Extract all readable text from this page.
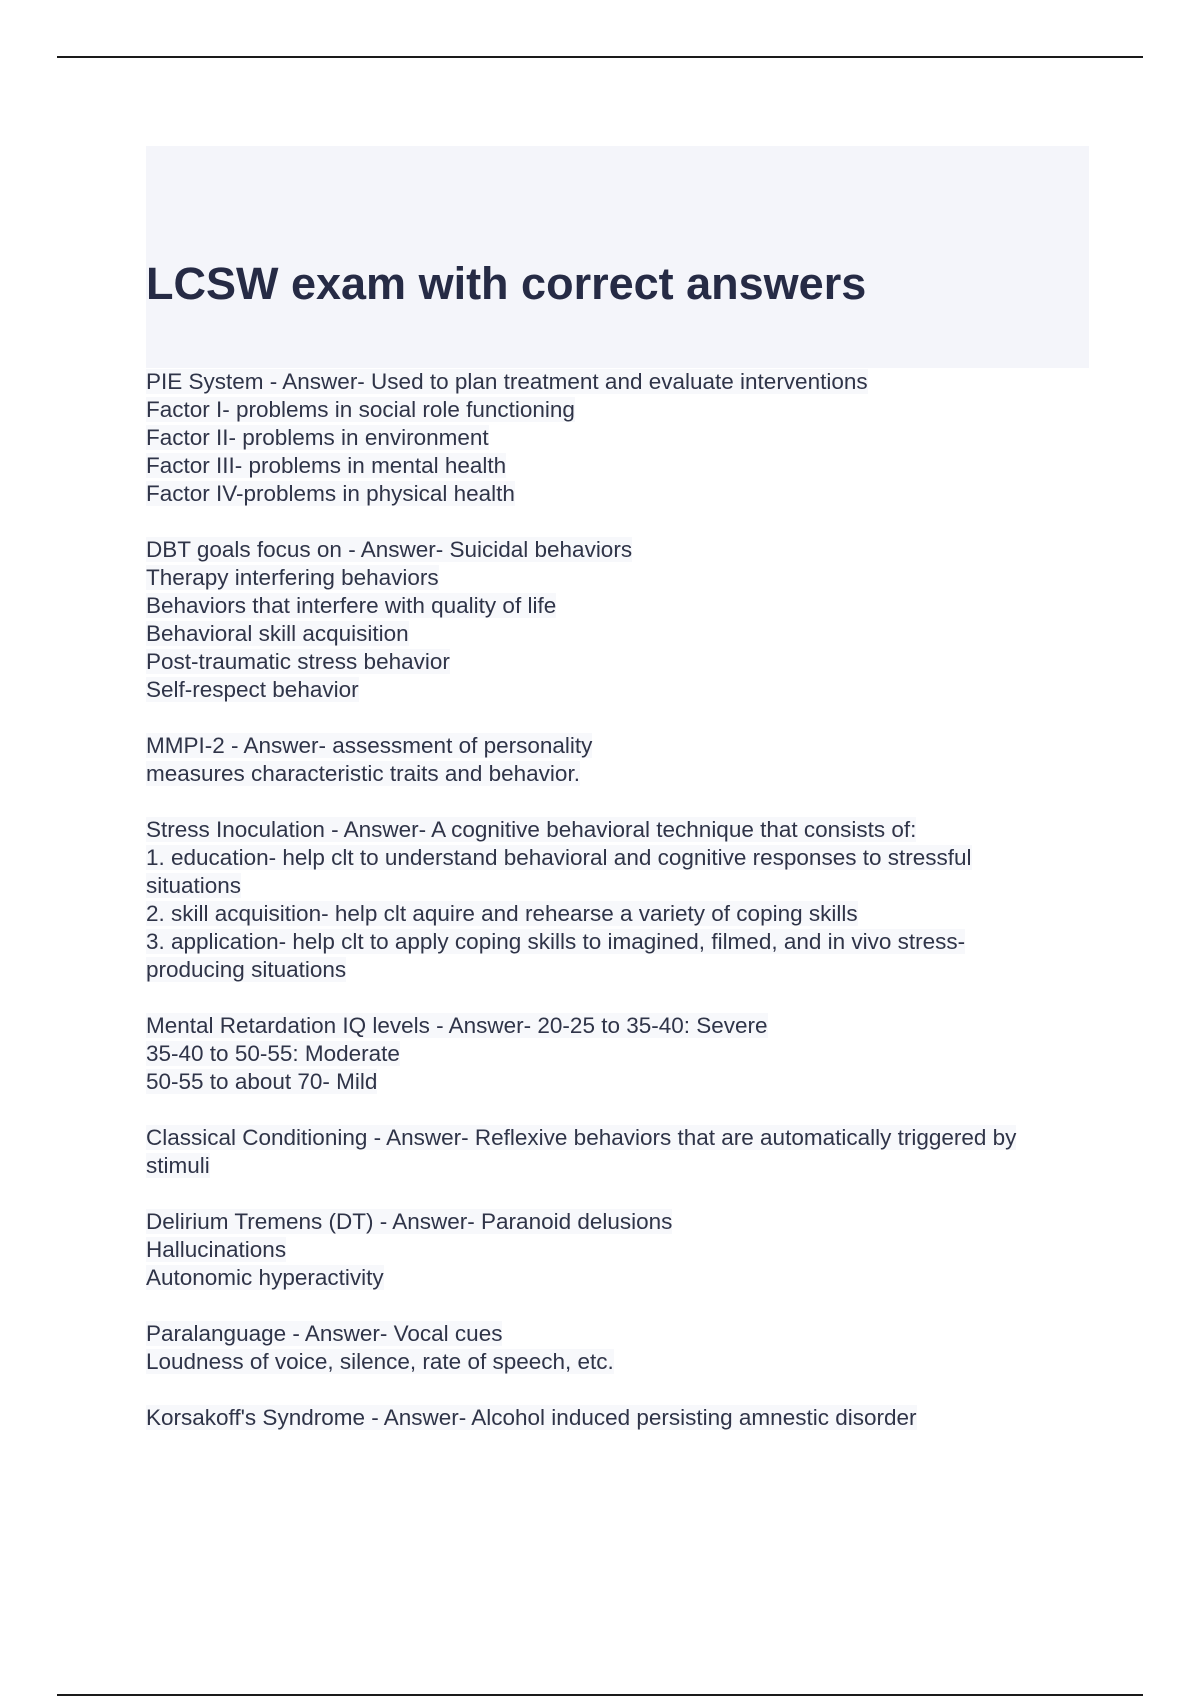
LCSW exam with correct answers
PIE System - Answer- Used to plan treatment and evaluate interventions
Factor I- problems in social role functioning
Factor II- problems in environment
Factor III- problems in mental health
Factor IV-problems in physical health
DBT goals focus on - Answer- Suicidal behaviors
Therapy interfering behaviors
Behaviors that interfere with quality of life
Behavioral skill acquisition
Post-traumatic stress behavior
Self-respect behavior
MMPI-2 - Answer- assessment of personality
measures characteristic traits and behavior.
Stress Inoculation - Answer- A cognitive behavioral technique that consists of:
1. education- help clt to understand behavioral and cognitive responses to stressful
situations
2. skill acquisition- help clt aquire and rehearse a variety of coping skills
3. application- help clt to apply coping skills to imagined, filmed, and in vivo stress-
producing situations
Mental Retardation IQ levels - Answer- 20-25 to 35-40: Severe
35-40 to 50-55: Moderate
50-55 to about 70- Mild
Classical Conditioning - Answer- Reflexive behaviors that are automatically triggered by
stimuli
Delirium Tremens (DT) - Answer- Paranoid delusions
Hallucinations
Autonomic hyperactivity
Paralanguage - Answer- Vocal cues
Loudness of voice, silence, rate of speech, etc.
Korsakoff's Syndrome - Answer- Alcohol induced persisting amnestic disorder
